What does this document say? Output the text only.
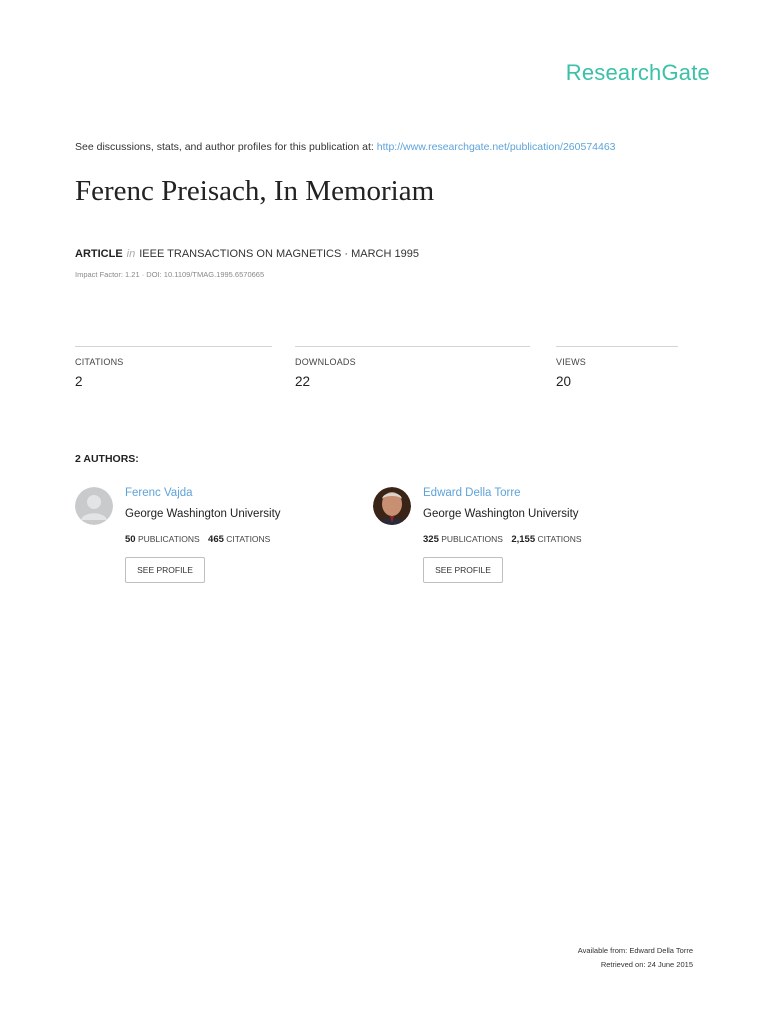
ResearchGate
See discussions, stats, and author profiles for this publication at: http://www.researchgate.net/publication/260574463
Ferenc Preisach, In Memoriam
ARTICLE in IEEE TRANSACTIONS ON MAGNETICS · MARCH 1995
Impact Factor: 1.21 · DOI: 10.1109/TMAG.1995.6570665
CITATIONS
2
DOWNLOADS
22
VIEWS
20
2 AUTHORS:
Ferenc Vajda
George Washington University
50 PUBLICATIONS 465 CITATIONS
SEE PROFILE
Edward Della Torre
George Washington University
325 PUBLICATIONS 2,155 CITATIONS
SEE PROFILE
Available from: Edward Della Torre
Retrieved on: 24 June 2015
